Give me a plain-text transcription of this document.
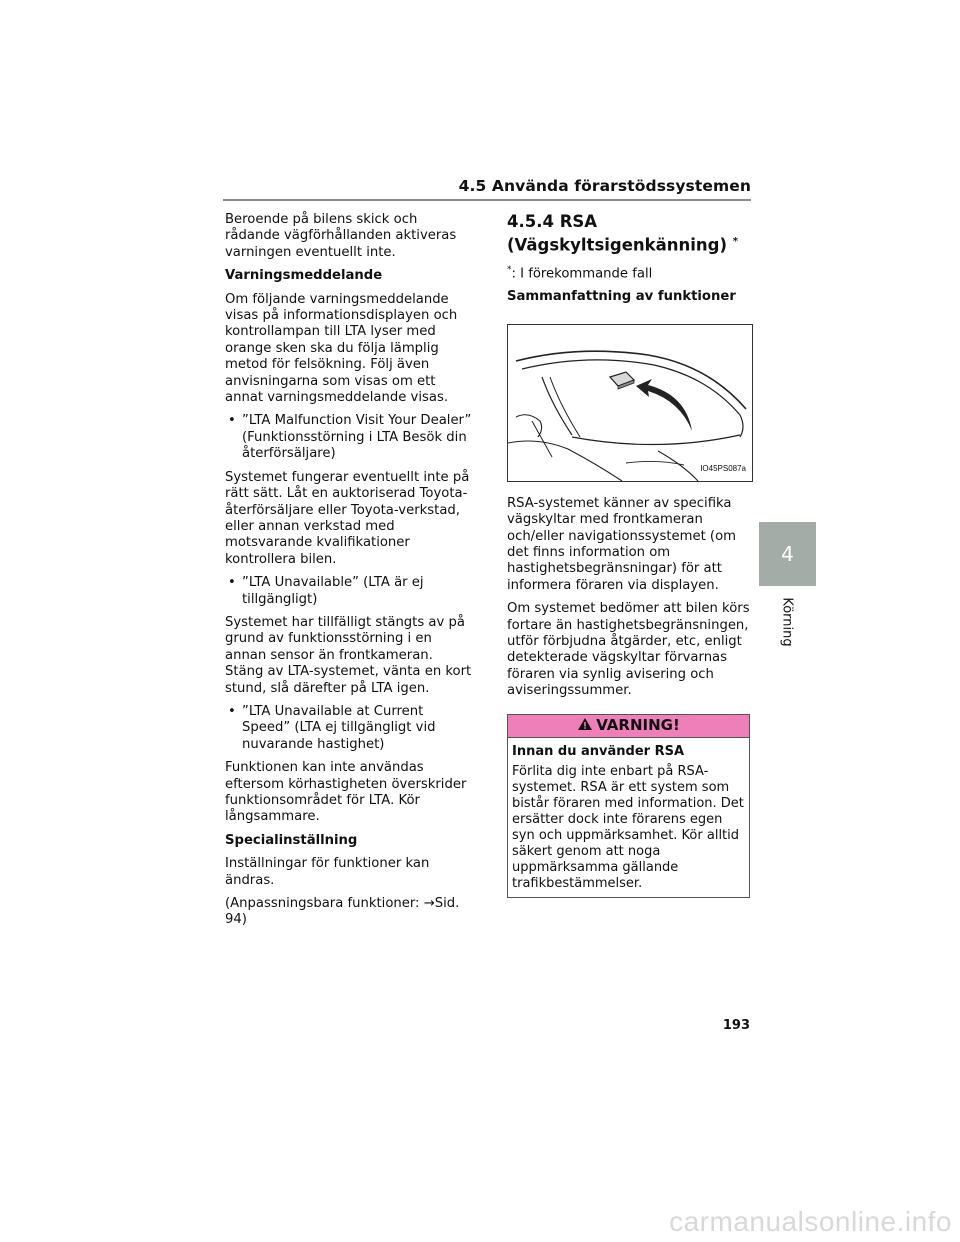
4.5 Använda förarstödssystemen

Beroende på bilens skick och rådande vägförhållanden aktiveras varningen eventuellt inte.

Varningsmeddelande

Om följande varningsmeddelande visas på informationsdisplayen och kontrollampan till LTA lyser med orange sken ska du följa lämplig metod för felsökning. Följ även anvisningarna som visas om ett annat varningsmeddelande visas.

• ”LTA Malfunction Visit Your Dealer” (Funktionsstörning i LTA Besök din återförsäljare)

Systemet fungerar eventuellt inte på rätt sätt. Låt en auktoriserad Toyota-återförsäljare eller Toyota-verkstad, eller annan verkstad med motsvarande kvalifikationer kontrollera bilen.

• ”LTA Unavailable” (LTA är ej tillgängligt)

Systemet har tillfälligt stängts av på grund av funktionsstörning i en annan sensor än frontkameran. Stäng av LTA-systemet, vänta en kort stund, slå därefter på LTA igen.

• ”LTA Unavailable at Current Speed” (LTA ej tillgängligt vid nuvarande hastighet)

Funktionen kan inte användas eftersom körhastigheten överskrider funktionsområdet för LTA. Kör långsammare.

Specialinställning

Inställningar för funktioner kan ändras.

(Anpassningsbara funktioner: →Sid. 94)

4.5.4 RSA
(Vägskyltsigenkänning) *

*: I förekommande fall

Sammanfattning av funktioner

IO45PS087a

RSA-systemet känner av specifika vägskyltar med frontkameran och/eller navigationssystemet (om det finns information om hastighetsbegränsningar) för att informera föraren via displayen.

Om systemet bedömer att bilen körs fortare än hastighetsbegränsningen, utför förbjudna åtgärder, etc, enligt detekterade vägskyltar förvarnas föraren via synlig avisering och aviseringssummer.

VARNING!
Innan du använder RSA
Förlita dig inte enbart på RSA-systemet. RSA är ett system som bistår föraren med information. Det ersätter dock inte förarens egen syn och uppmärksamhet. Kör alltid säkert genom att noga uppmärksamma gällande trafikbestämmelser.
4
Körning
193
carmanualsonline.info
